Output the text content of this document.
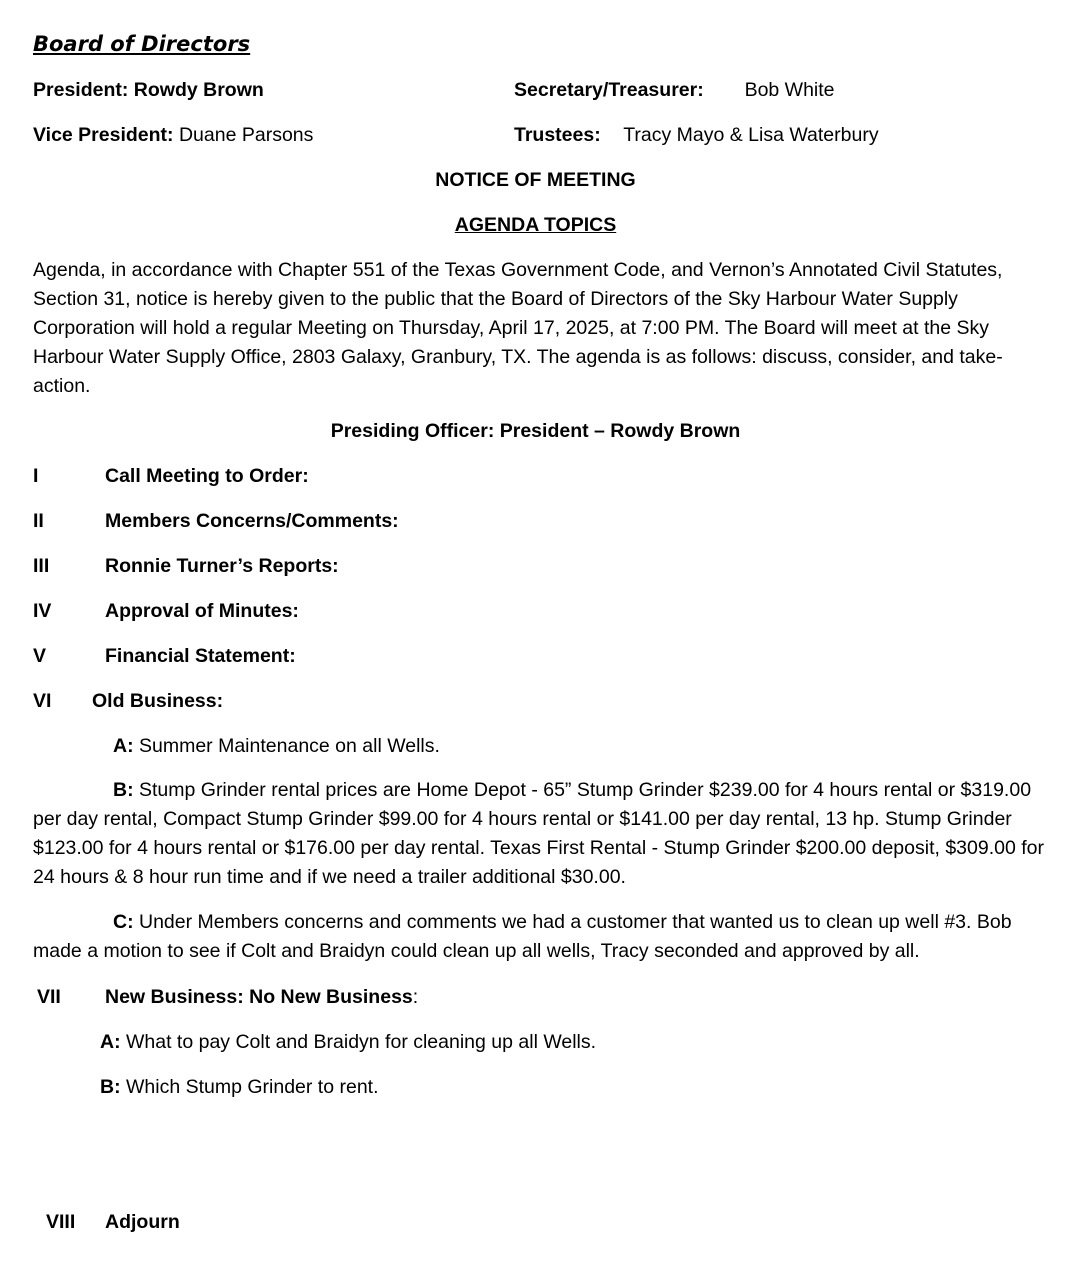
Board of Directors
President: Rowdy Brown	Secretary/Treasurer: Bob White
Vice President: Duane Parsons	Trustees: Tracy Mayo & Lisa Waterbury
NOTICE OF MEETING
AGENDA TOPICS
Agenda, in accordance with Chapter 551 of the Texas Government Code, and Vernon’s Annotated Civil Statutes, Section 31, notice is hereby given to the public that the Board of Directors of the Sky Harbour Water Supply Corporation will hold a regular Meeting on Thursday, April 17, 2025, at 7:00 PM. The Board will meet at the Sky Harbour Water Supply Office, 2803 Galaxy, Granbury, TX. The agenda is as follows: discuss, consider, and take-action.
Presiding Officer: President – Rowdy Brown
I	Call Meeting to Order:
II	Members Concerns/Comments:
III	Ronnie Turner’s Reports:
IV	Approval of Minutes:
V	Financial Statement:
VI Old Business:
A: Summer Maintenance on all Wells.
B: Stump Grinder rental prices are Home Depot - 65” Stump Grinder $239.00 for 4 hours rental or $319.00 per day rental, Compact Stump Grinder $99.00 for 4 hours rental or $141.00 per day rental, 13 hp. Stump Grinder $123.00 for 4 hours rental or $176.00 per day rental. Texas First Rental - Stump Grinder $200.00 deposit, $309.00 for 24 hours & 8 hour run time and if we need a trailer additional $30.00.
C: Under Members concerns and comments we had a customer that wanted us to clean up well #3. Bob made a motion to see if Colt and Braidyn could clean up all wells, Tracy seconded and approved by all.
VII New Business: No New Business:
A: What to pay Colt and Braidyn for cleaning up all Wells.
B: Which Stump Grinder to rent.
VIII Adjourn
